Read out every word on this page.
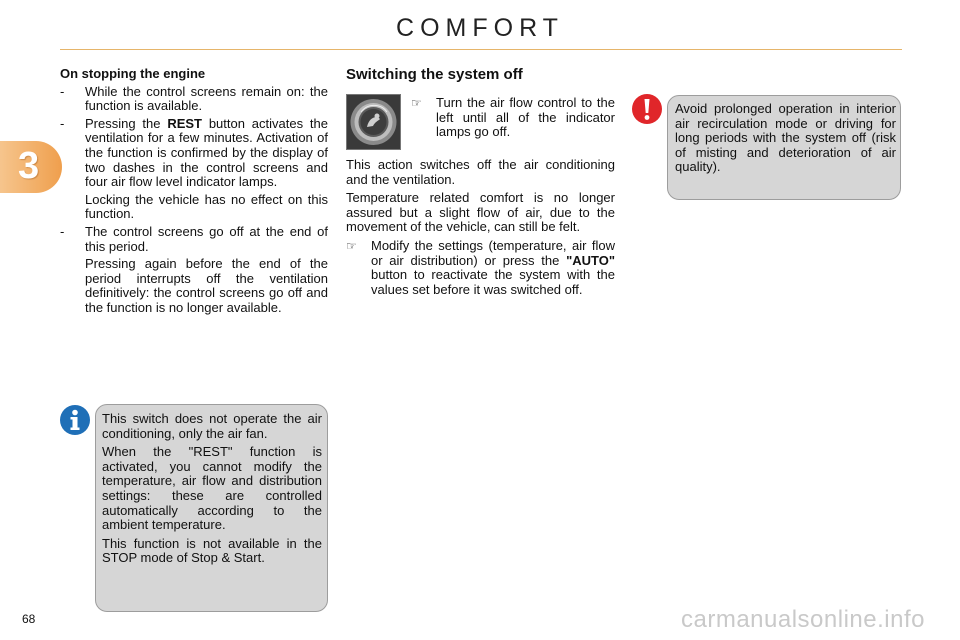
COMFORT
3
On stopping the engine
- While the control screens remain on: the function is available.
- Pressing the REST button activates the ventilation for a few minutes. Activation of the function is confirmed by the display of two dashes in the control screens and four air flow level indicator lamps.
Locking the vehicle has no effect on this function.
- The control screens go off at the end of this period.
Pressing again before the end of the period interrupts off the ventilation definitively: the control screens go off and the function is no longer available.
Switching the system off
☞ Turn the air flow control to the left until all of the indicator lamps go off.

This action switches off the air conditioning and the ventilation.

Temperature related comfort is no longer assured but a slight flow of air, due to the movement of the vehicle, can still be felt.

☞ Modify the settings (temperature, air flow or air distribution) or press the "AUTO" button to reactivate the system with the values set before it was switched off.

This switch does not operate the air conditioning, only the air fan.

When the "REST" function is activated, you cannot modify the temperature, air flow and distribution settings: these are controlled automatically according to the ambient temperature.

This function is not available in the STOP mode of Stop & Start.

Avoid prolonged operation in interior air recirculation mode or driving for long periods with the system off (risk of misting and deterioration of air quality).
68	carmanualsonline.info
